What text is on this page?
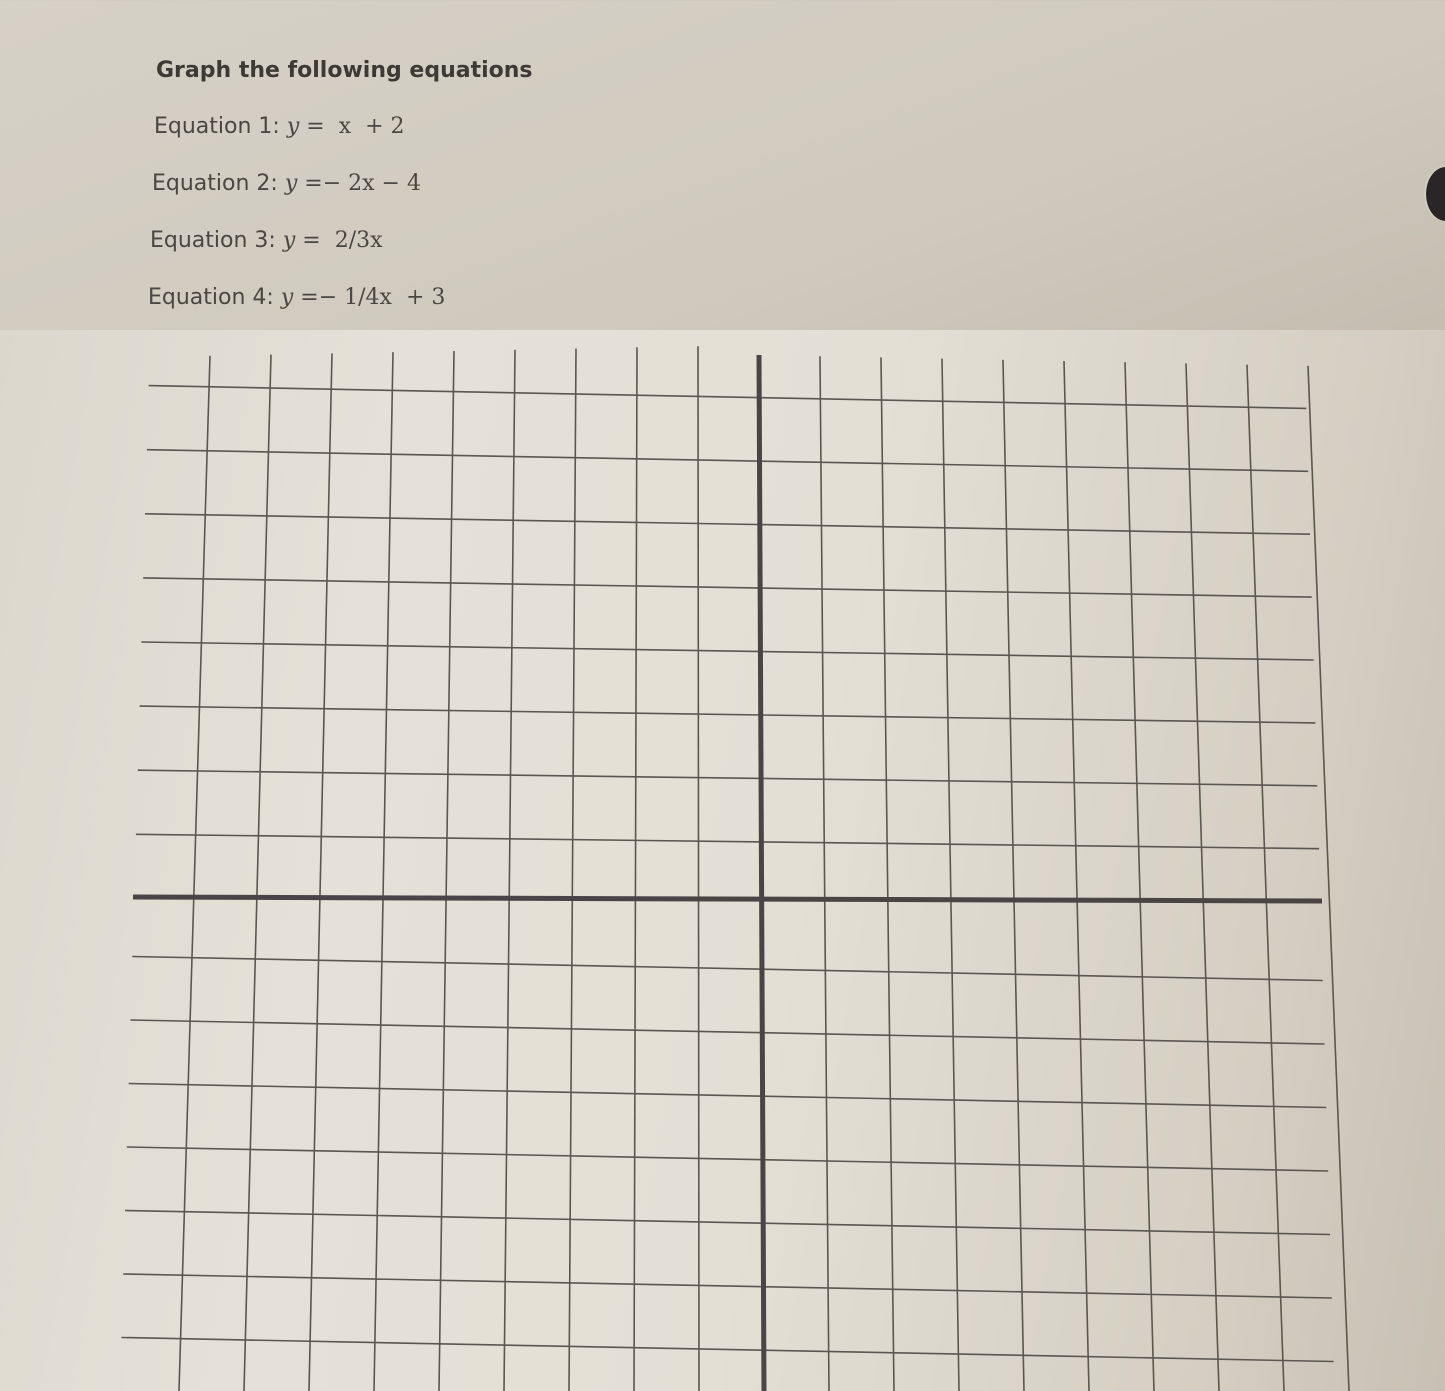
Graph the following equations
Equation 1: y =  x  + 2
Equation 2: y =− 2x − 4
Equation 3: y =  2/3x
Equation 4: y =− 1/4x  + 3
